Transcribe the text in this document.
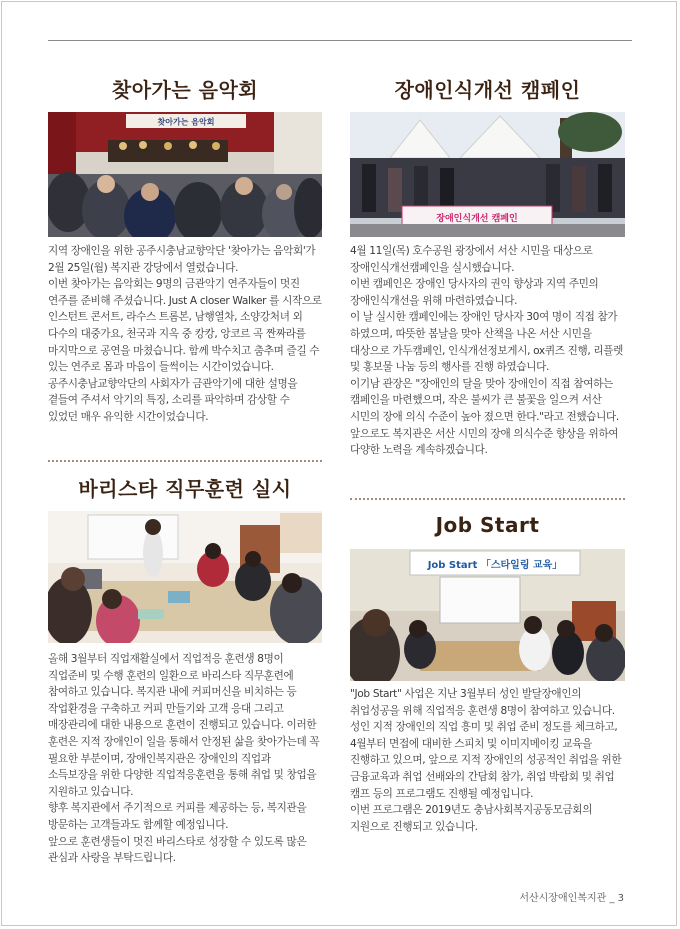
찾아가는 음악회
찾아가는 음악회

지역 장애인을 위한 공주시충남교향악단 '찾아가는 음악회'가 2월 25일(월) 복지관 강당에서 열렸습니다.

이번 찾아가는 음악회는 9명의 금관악기 연주자들이 멋진 연주를 준비해 주셨습니다. Just A closer Walker 를 시작으로 인스턴트 콘서트, 라수스 트롬본, 남행열차, 소양강처녀 외 다수의 대중가요, 천국과 지옥 중 캉캉, 앙코르 곡 짠짜라를 마지막으로 공연을 마쳤습니다. 함께 박수치고 춤추며 즐길 수 있는 연주로 몸과 마음이 들썩이는 시간이었습니다.

공주시충남교향악단의 사회자가 금관악기에 대한 설명을 곁들여 주셔서 악기의 특징, 소리를 파악하며 감상할 수 있었던 매우 유익한 시간이었습니다.

바리스타 직무훈련 실시

올해 3월부터 직업재활실에서 직업적응 훈련생 8명이 직업준비 및 수행 훈련의 일환으로 바리스타 직무훈련에 참여하고 있습니다. 복지관 내에 커피머신을 비치하는 등 작업환경을 구축하고 커피 만들기와 고객 응대 그리고 매장관리에 대한 내용으로 훈련이 진행되고 있습니다. 이러한 훈련은 지적 장애인이 일을 통해서 안정된 삶을 찾아가는데 꼭 필요한 부분이며, 장애인복지관은 장애인의 직업과 소득보장을 위한 다양한 직업적응훈련을 통해 취업 및 창업을 지원하고 있습니다.

향후 복지관에서 주기적으로 커피를 제공하는 등, 복지관을 방문하는 고객들과도 함께할 예정입니다.

앞으로 훈련생들이 멋진 바리스타로 성장할 수 있도록 많은 관심과 사랑을 부탁드립니다.

장애인식개선 캠페인
장애인식개선 캠페인

4월 11일(목) 호수공원 광장에서 서산 시민을 대상으로 장애인식개선캠페인을 실시했습니다.

이번 캠페인은 장애인 당사자의 권익 향상과 지역 주민의 장애인식개선을 위해 마련하였습니다.

이 날 실시한 캠페인에는 장애인 당사자 30여 명이 직접 참가 하였으며, 따뜻한 봄날을 맞아 산책을 나온 서산 시민을 대상으로 가두캠페인, 인식개선정보게시, ox퀴즈 진행, 리플렛 및 홍보물 나눔 등의 행사를 진행 하였습니다.

이기남 관장은 "장애인의 달을 맞아 장애인이 직접 참여하는 캠페인을 마련했으며, 작은 불씨가 큰 불꽃을 일으켜 서산 시민의 장애 의식 수준이 높아 졌으면 한다."라고 전했습니다.

앞으로도 복지관은 서산 시민의 장애 의식수준 향상을 위하여 다양한 노력을 계속하겠습니다.

Job Start
Job Start 「스타일링 교육」

"Job Start" 사업은 지난 3월부터 성인 발달장애인의 취업성공을 위해 직업적응 훈련생 8명이 참여하고 있습니다.

성인 지적 장애인의 직업 흥미 및 취업 준비 정도를 체크하고, 4월부터 면접에 대비한 스피치 및 이미지메이킹 교육을 진행하고 있으며, 앞으로 지적 장애인의 성공적인 취업을 위한 금융교육과 취업 선배와의 간담회 참가, 취업 박람회 및 취업 캠프 등의 프로그램도 진행될 예정입니다.

이번 프로그램은 2019년도 충남사회복지공동모금회의 지원으로 진행되고 있습니다.

서산시장애인복지관 _ 3
